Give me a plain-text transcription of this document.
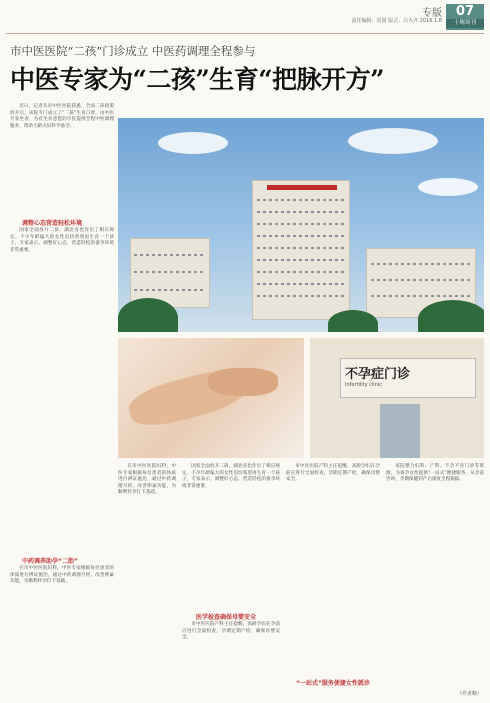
专版
责任编辑：雷圆 版式：吕大齐 2016.1.8
07
十堰周刊
市中医医院“二孩”门诊成立 中医药调理全程参与
中医专家为“二孩”生育“把脉开方”

近日，记者从市中医医院获悉，全面二孩政策放开后，该院专门成立了“二孩”生育门诊，由中医专家坐诊，为有生育意愿的市民提供全程中医调理服务，帮助大龄夫妇科学备孕。

调整心态营造轻松环境

国家全面放开二孩，湖北省也作出了相应规定。不少年龄偏大的女性迫切希望再生育一个孩子，专家表示，调整好心态、营造轻松的备孕环境非常重要。

中药调养助孕“二胎”

在市中医医院妇科，中医专家根据每位患者的体质进行辨证施治，通过中药调理月经、改善卵巢功能，为顺利怀孕打下基础。

不孕症门诊
Infertility clinic

在市中医医院妇科，中医专家根据每位患者的体质进行辨证施治，通过中药调理月经、改善卵巢功能，为顺利怀孕打下基础。

国家全面放开二孩，湖北省也作出了相应规定。不少年龄偏大的女性迫切希望再生育一个孩子，专家表示，调整好心态、营造轻松的备孕环境非常重要。

医学检查确保母婴安全

市中医医院产科主任提醒，高龄孕妇在孕前应进行全面检查，孕期定期产检，确保母婴安全。

市中医医院产科主任提醒，高龄孕妇在孕前应进行全面检查，孕期定期产检，确保母婴安全。

“一站式”服务便捷女性就诊

该院整合妇科、产科、不孕不育门诊等资源，为备孕女性提供“一站式”便捷服务，从孕前咨询、孕期保健到产后康复全程跟踪。

（作者略）
